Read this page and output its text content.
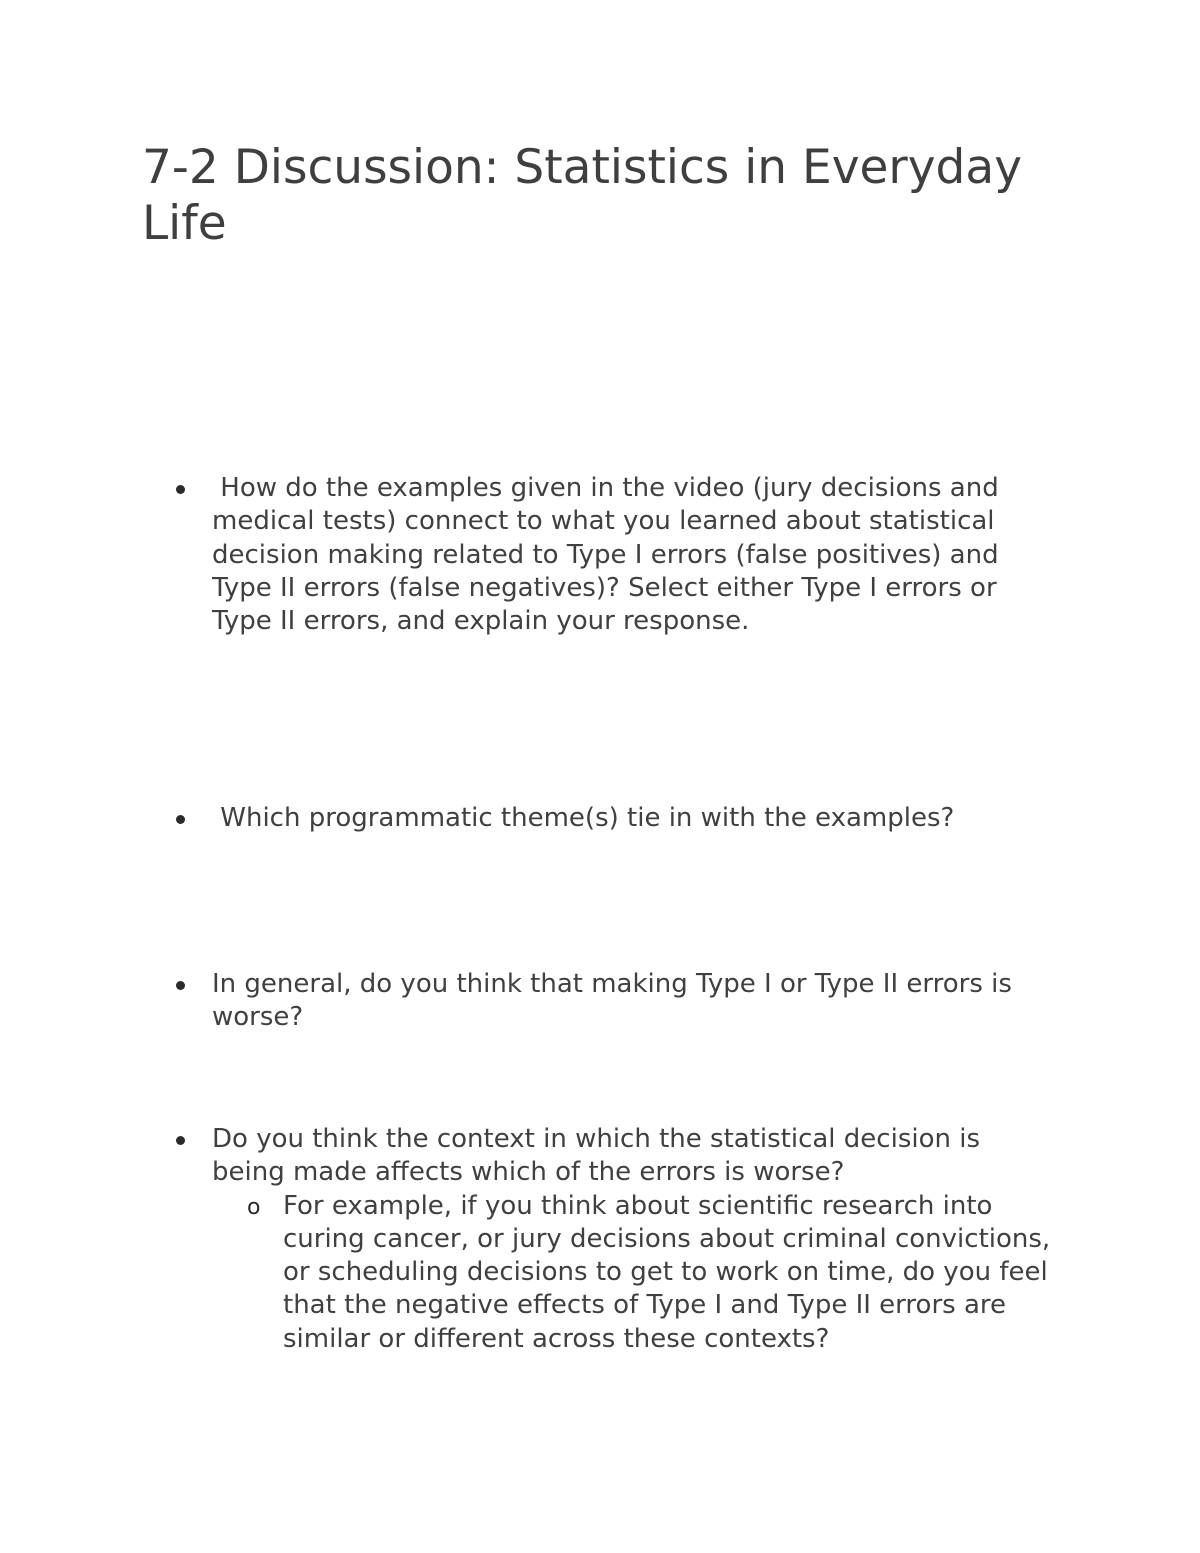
7-2 Discussion: Statistics in Everyday Life

How do the examples given in the video (jury decisions and medical tests) connect to what you learned about statistical decision making related to Type I errors (false positives) and Type II errors (false negatives)? Select either Type I errors or Type II errors, and explain your response.

Which programmatic theme(s) tie in with the examples?

In general, do you think that making Type I or Type II errors is worse?

Do you think the context in which the statistical decision is being made affects which of the errors is worse?

o For example, if you think about scientific research into curing cancer, or jury decisions about criminal convictions, or scheduling decisions to get to work on time, do you feel that the negative effects of Type I and Type II errors are similar or different across these contexts?
